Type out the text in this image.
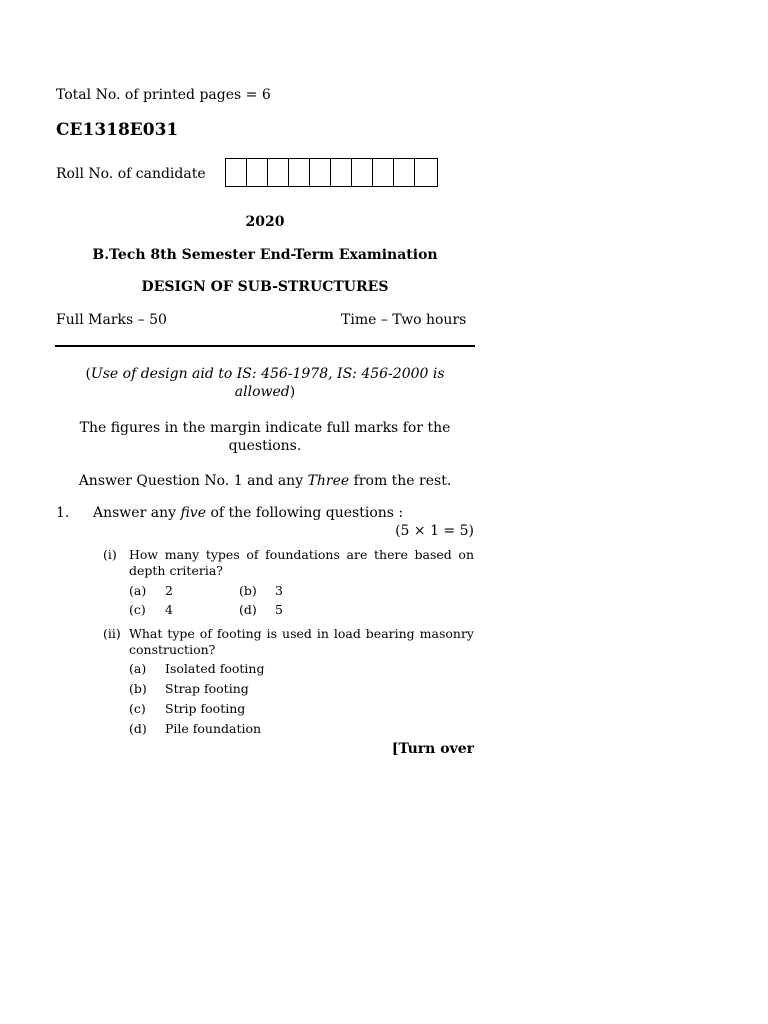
Total No. of printed pages = 6

CE1318E031

Roll No. of candidate

2020

B.Tech 8th Semester End-Term Examination

DESIGN OF SUB-STRUCTURES

Full Marks – 50	Time – Two hours

(Use of design aid to IS: 456-1978, IS: 456-2000 is allowed)

The figures in the margin indicate full marks for the questions.

Answer Question No. 1 and any Three from the rest.

1. Answer any five of the following questions :

(5 × 1 = 5)

(i) How many types of foundations are there based on depth criteria?
(a) 2	(b) 3
(c) 4	(d) 5
(ii) What type of footing is used in load bearing masonry construction?
(a) Isolated footing
(b) Strap footing
(c) Strip footing
(d) Pile foundation

[Turn over
